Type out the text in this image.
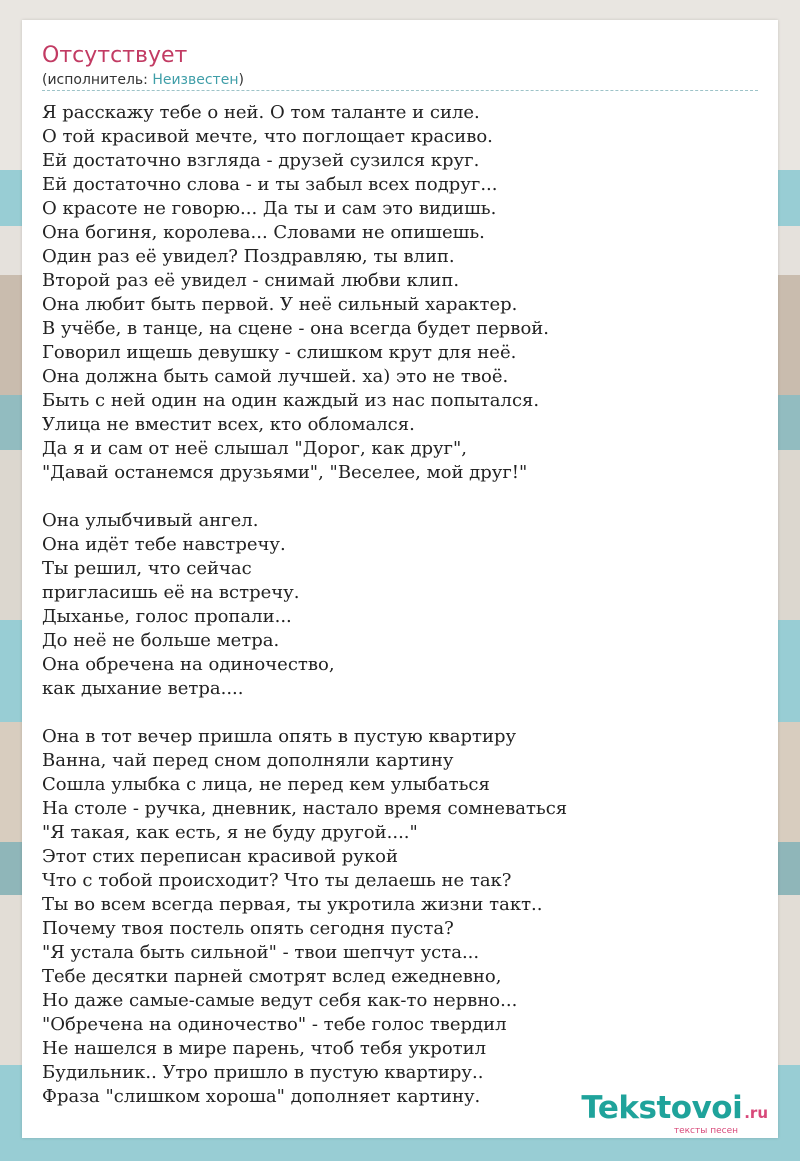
Отсутствует
(исполнитель: Неизвестен)
Я расскажу тебе о ней. О том таланте и силе.
О той красивой мечте, что поглощает красиво.
Ей достаточно взгляда - друзей сузился круг.
Ей достаточно слова - и ты забыл всех подруг...
О красоте не говорю... Да ты и сам это видишь.
Она богиня, королева... Словами не опишешь.
Один раз её увидел? Поздравляю, ты влип.
Второй раз её увидел - снимай любви клип.
Она любит быть первой. У неё сильный характер.
В учёбе, в танце, на сцене - она всегда будет первой.
Говорил ищешь девушку - слишком крут для неё.
Она должна быть самой лучшей. ха) это не твоё.
Быть с ней один на один каждый из нас попытался.
Улица не вместит всех, кто обломался.
Да я и сам от неё слышал "Дорог, как друг",
"Давай останемся друзьями", "Веселее, мой друг!"
Она улыбчивый ангел.
Она идёт тебе навстречу.
Ты решил, что сейчас
пригласишь её на встречу.
Дыханье, голос пропали...
До неё не больше метра.
Она обречена на одиночество,
как дыхание ветра....
Она в тот вечер пришла опять в пустую квартиру
Ванна, чай перед сном дополняли картину
Сошла улыбка с лица, не перед кем улыбаться
На столе - ручка, дневник, настало время сомневаться
"Я такая, как есть, я не буду другой...."
Этот стих переписан красивой рукой
Что с тобой происходит? Что ты делаешь не так?
Ты во всем всегда первая, ты укротила жизни такт..
Почему твоя постель опять сегодня пуста?
"Я устала быть сильной" - твои шепчут уста...
Тебе десятки парней смотрят вслед ежедневно,
Но даже самые-самые ведут себя как-то нервно...
"Обречена на одиночество" - тебе голос твердил
Не нашелся в мире парень, чтоб тебя укротил
Будильник.. Утро пришло в пустую квартиру..
Фраза "слишком хороша" дополняет картину.	Tekstovoi .ru
тексты песен
